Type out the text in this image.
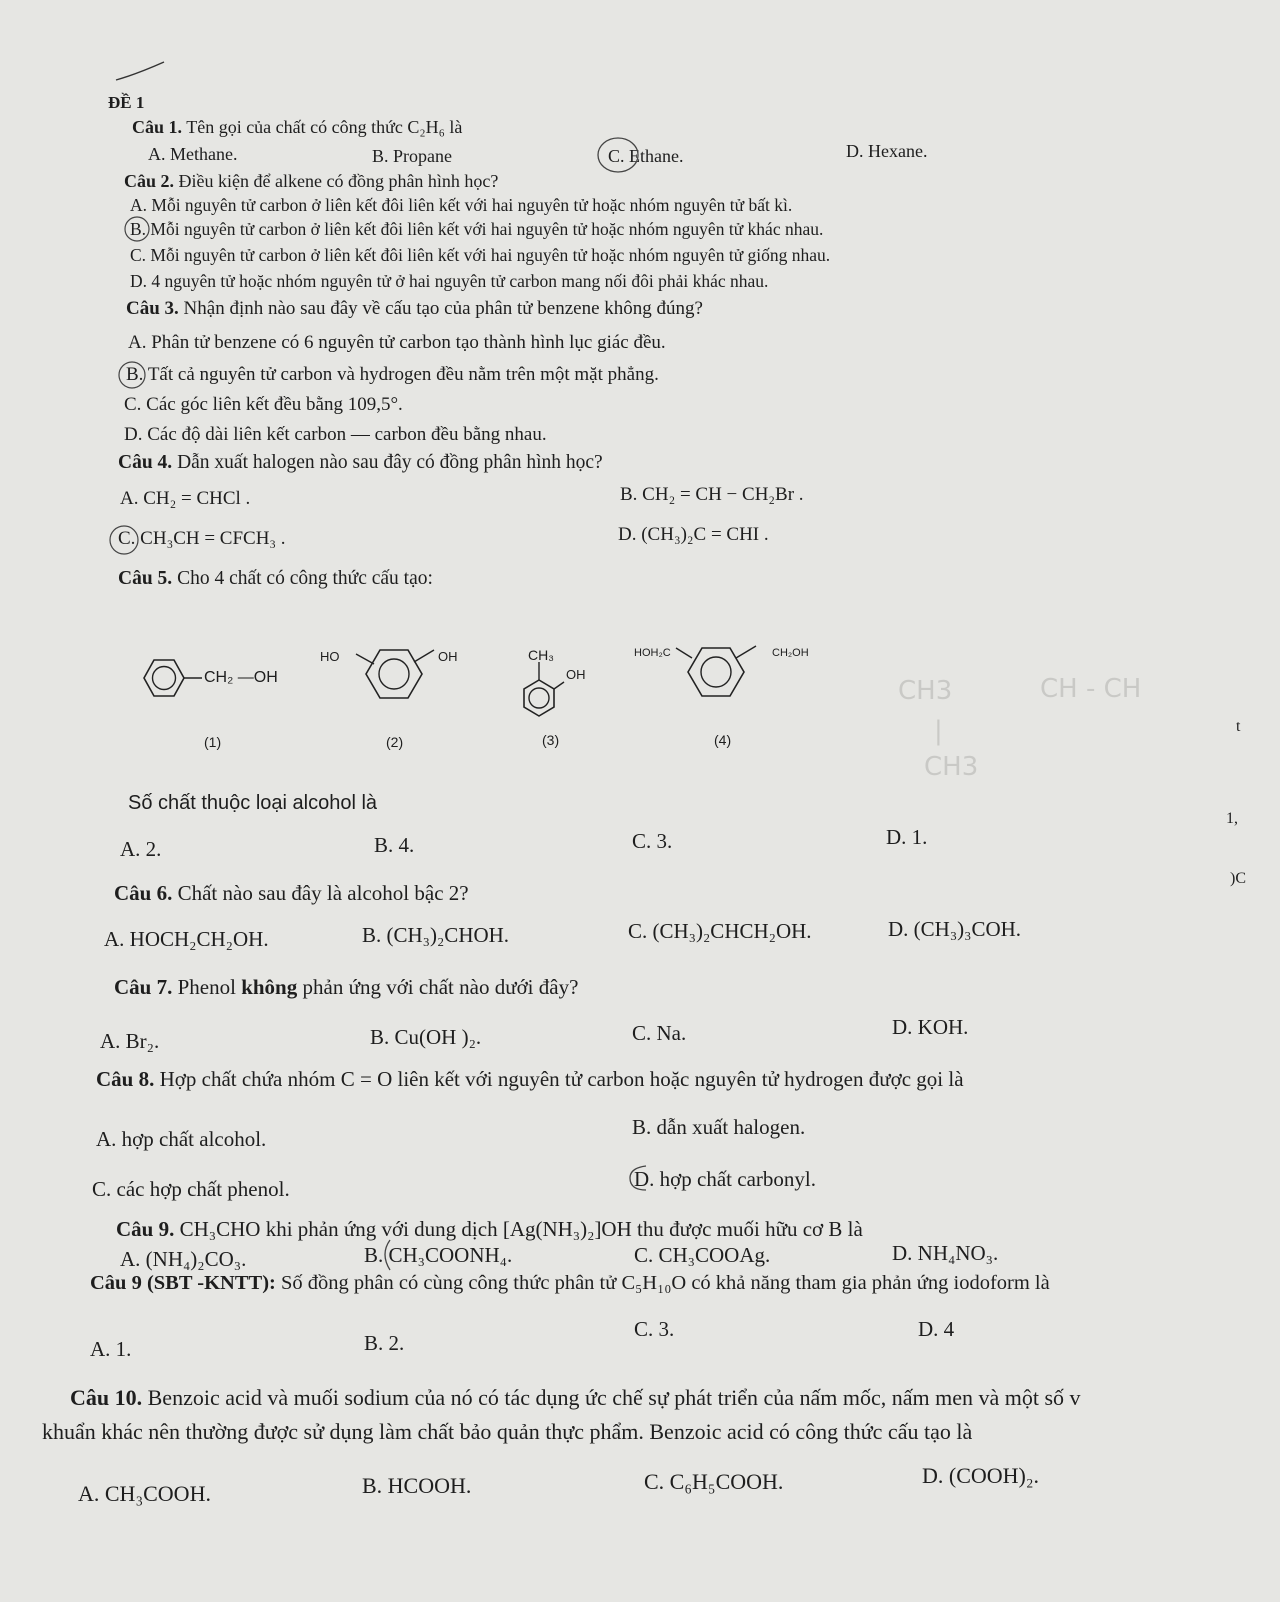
ĐỀ 1
Câu 1. Tên gọi của chất có công thức C₂H₆ là
A. Methane.	B. Propane	C. Ethane.	D. Hexane.
Câu 2. Điều kiện để alkene có đồng phân hình học?
A. Mỗi nguyên tử carbon ở liên kết đôi liên kết với hai nguyên tử hoặc nhóm nguyên tử bất kì.
B. Mỗi nguyên tử carbon ở liên kết đôi liên kết với hai nguyên tử hoặc nhóm nguyên tử khác nhau.
C. Mỗi nguyên tử carbon ở liên kết đôi liên kết với hai nguyên tử hoặc nhóm nguyên tử giống nhau.
D. 4 nguyên tử hoặc nhóm nguyên tử ở hai nguyên tử carbon mang nối đôi phải khác nhau.
Câu 3. Nhận định nào sau đây về cấu tạo của phân tử benzene không đúng?
A. Phân tử benzene có 6 nguyên tử carbon tạo thành hình lục giác đều.
B. Tất cả nguyên tử carbon và hydrogen đều nằm trên một mặt phẳng.
C. Các góc liên kết đều bằng 109,5°.
D. Các độ dài liên kết carbon — carbon đều bằng nhau.
Câu 4. Dẫn xuất halogen nào sau đây có đồng phân hình học?
A. CH₂ = CHCl .	B. CH₂ = CH − CH₂Br .
C. CH₃CH = CFCH₃ .	D. (CH₃)₂C = CHI .
Câu 5. Cho 4 chất có công thức cấu tạo:
CH₂ —OH
(1)
HO	OH
(2)
CH₃
OH
(3)
HOH₂C	CH₂OH
(4)
CH3	CH - CH
|
CH3
t
1,
)C
Số chất thuộc loại alcohol là
A. 2.	B. 4.	C. 3.	D. 1.
Câu 6. Chất nào sau đây là alcohol bậc 2?
A. HOCH₂CH₂OH.	B. (CH₃)₂CHOH.	C. (CH₃)₂CHCH₂OH.	D. (CH₃)₃COH.
Câu 7. Phenol không phản ứng với chất nào dưới đây?
A. Br₂.	B. Cu(OH )₂.	C. Na.	D. KOH.
Câu 8. Hợp chất chứa nhóm C = O liên kết với nguyên tử carbon hoặc nguyên tử hydrogen được gọi là
A. hợp chất alcohol.	B. dẫn xuất halogen.
C. các hợp chất phenol.	D. hợp chất carbonyl.
Câu 9. CH₃CHO khi phản ứng với dung dịch [Ag(NH₃)₂]OH thu được muối hữu cơ B là
A. (NH₄)₂CO₃.	B. CH₃COONH₄.	C. CH₃COOAg.	D. NH₄NO₃.
Câu 9 (SBT -KNTT): Số đồng phân có cùng công thức phân tử C₅H₁₀O có khả năng tham gia phản ứng iodoform là
A. 1.	B. 2.
C. 3.	D. 4
Câu 10. Benzoic acid và muối sodium của nó có tác dụng ức chế sự phát triển của nấm mốc, nấm men và một số v
khuẩn khác nên thường được sử dụng làm chất bảo quản thực phẩm. Benzoic acid có công thức cấu tạo là
A. CH₃COOH.	B. HCOOH.	C. C₆H₅COOH.	D. (COOH)₂.
